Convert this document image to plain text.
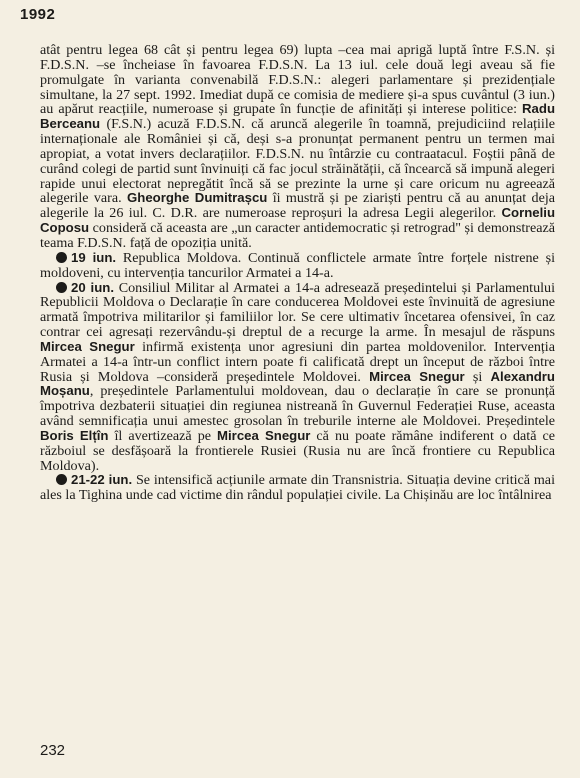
1992

atât pentru legea 68 cât și pentru legea 69) lupta –cea mai aprigă luptă între F.S.N. și F.D.S.N. –se încheiase în favoarea F.D.S.N. La 13 iul. cele două legi aveau să fie promulgate în varianta convenabilă F.D.S.N.: alegeri parlamentare și prezidențiale simultane, la 27 sept. 1992. Imediat după ce comisia de mediere și-a spus cuvântul (3 iun.) au apărut reacțiile, numeroase și grupate în funcție de afinități și interese politice: Radu Berceanu (F.S.N.) acuză F.D.S.N. că aruncă alegerile în toamnă, prejudiciind relațiile internaționale ale României și că, deși s-a pronunțat permanent pentru un termen mai apropiat, a votat invers declarațiilor. F.D.S.N. nu întârzie cu contraatacul. Foștii până de curând colegi de partid sunt învinuiți că fac jocul străinătății, că încearcă să impună alegeri rapide unui electorat nepregătit încă să se prezinte la urne și care oricum nu agreează alegerile vara. Gheorghe Dumitrașcu îi mustră și pe ziariști pentru că au anunțat deja alegerile la 26 iul. C. D.R. are numeroase reproșuri la adresa Legii alegerilor. Corneliu Coposu consideră că aceasta are „un caracter antidemocratic și retrograd" și demonstrează teama F.D.S.N. față de opoziția unită.

19 iun. Republica Moldova. Continuă conflictele armate între forțele nistrene și moldoveni, cu intervenția tancurilor Armatei a 14-a.

20 iun. Consiliul Militar al Armatei a 14-a adresează președintelui și Parlamentului Republicii Moldova o Declarație în care conducerea Moldovei este învinuită de agresiune armată împotriva militarilor și familiilor lor. Se cere ultimativ încetarea ofensivei, în caz contrar cei agresați rezervându-și dreptul de a recurge la arme. În mesajul de răspuns Mircea Snegur infirmă existența unor agresiuni din partea moldovenilor. Intervenția Armatei a 14-a într-un conflict intern poate fi calificată drept un început de război între Rusia și Moldova –consideră președintele Moldovei. Mircea Snegur și Alexandru Moșanu, președintele Parlamentului moldovean, dau o declarație în care se pronunță împotriva dezbaterii situației din regiunea nistreană în Guvernul Federației Ruse, aceasta având semnificația unui amestec grosolan în treburile interne ale Moldovei. Președintele Boris Elțîn îl avertizează pe Mircea Snegur că nu poate rămâne indiferent o dată ce războiul se desfășoară la frontierele Rusiei (Rusia nu are încă frontiere cu Republica Moldova).

21-22 iun. Se intensifică acțiunile armate din Transnistria. Situația devine critică mai ales la Tighina unde cad victime din rândul populației civile. La Chișinău are loc întâlnirea

232
